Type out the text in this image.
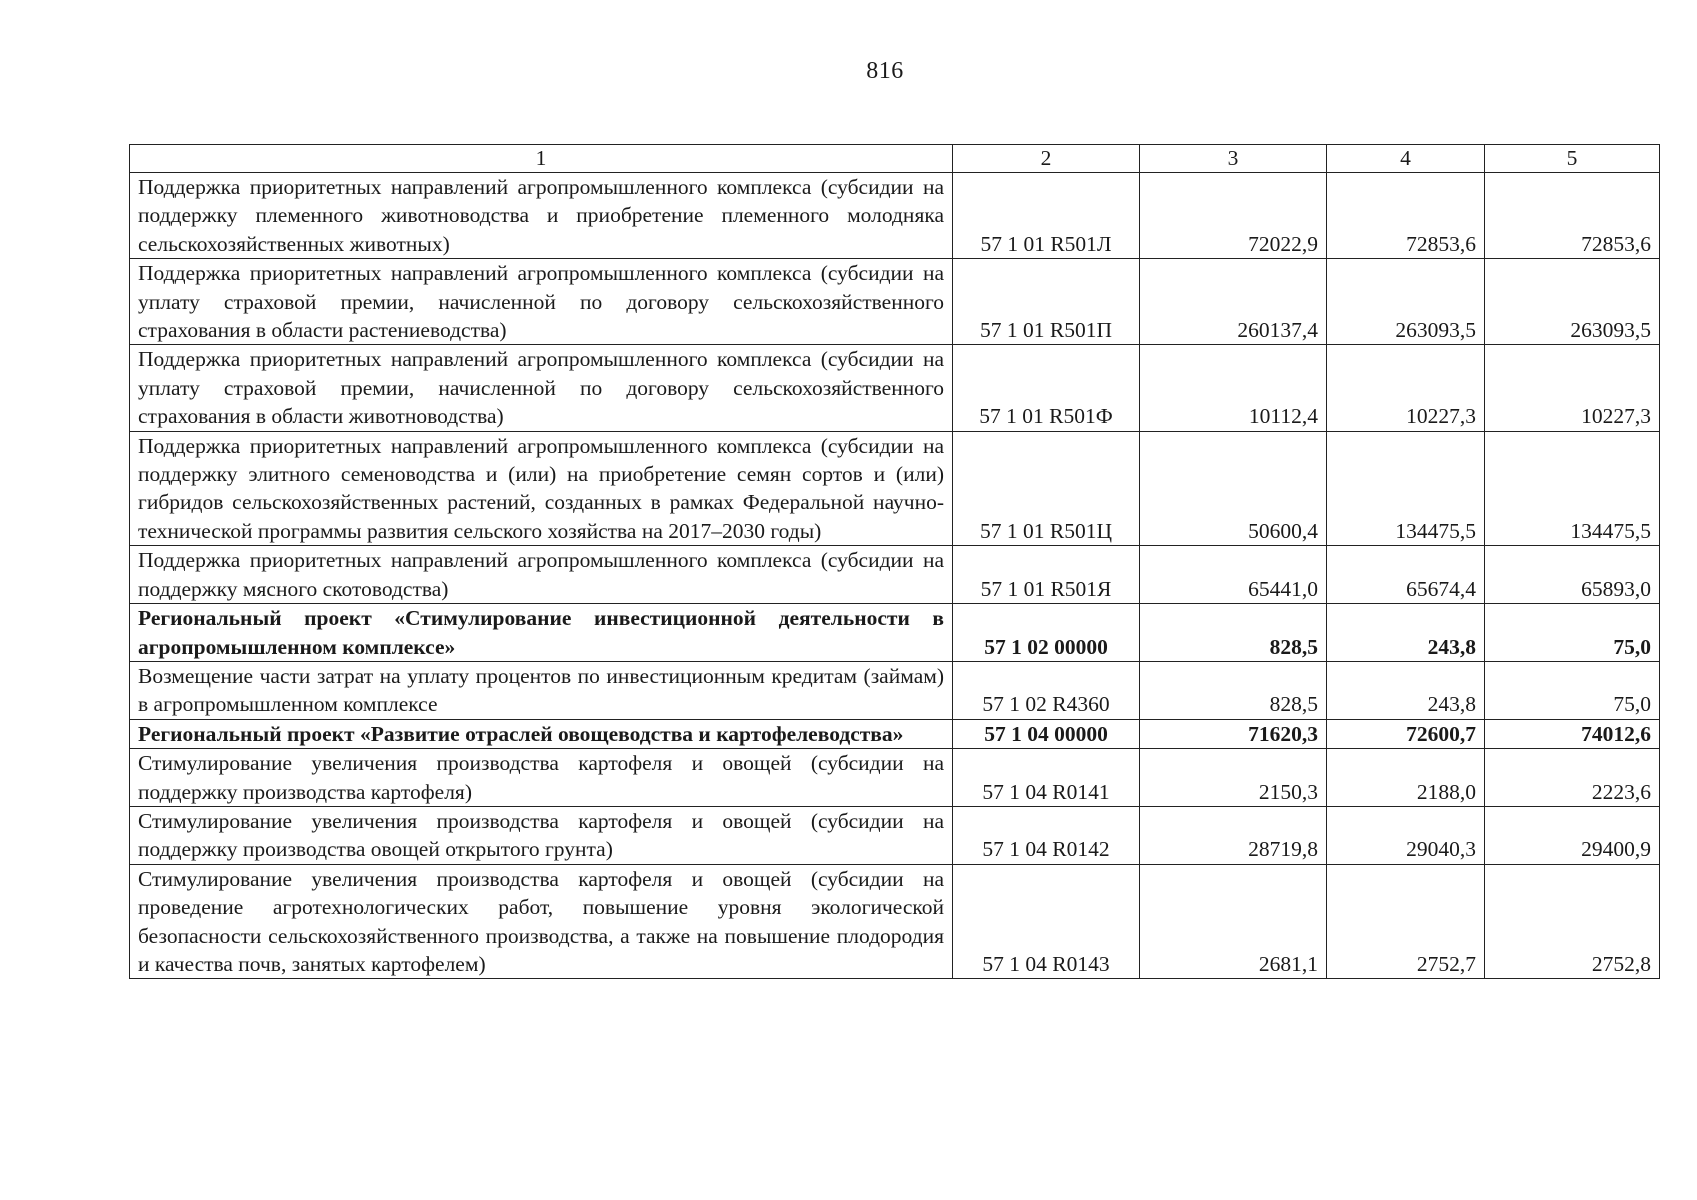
816
1	2	3	4	5
Поддержка приоритетных направлений агропромышленного комплекса (субсидии на поддержку племенного животноводства и приобретение племенного молодняка сельскохозяйственных животных)	57 1 01 R501Л	72022,9	72853,6	72853,6
Поддержка приоритетных направлений агропромышленного комплекса (субсидии на уплату страховой премии, начисленной по договору сельскохозяйственного страхования в области растениеводства)	57 1 01 R501П	260137,4	263093,5	263093,5
Поддержка приоритетных направлений агропромышленного комплекса (субсидии на уплату страховой премии, начисленной по договору сельскохозяйственного страхования в области животноводства)	57 1 01 R501Ф	10112,4	10227,3	10227,3
Поддержка приоритетных направлений агропромышленного комплекса (субсидии на поддержку элитного семеноводства и (или) на приобретение семян сортов и (или) гибридов сельскохозяйственных растений, созданных в рамках Федеральной научно-технической программы развития сельского хозяйства на 2017–2030 годы)	57 1 01 R501Ц	50600,4	134475,5	134475,5
Поддержка приоритетных направлений агропромышленного комплекса (субсидии на поддержку мясного скотоводства)	57 1 01 R501Я	65441,0	65674,4	65893,0
Региональный проект «Стимулирование инвестиционной деятельности в агропромышленном комплексе»	57 1 02 00000	828,5	243,8	75,0
Возмещение части затрат на уплату процентов по инвестиционным кредитам (займам) в агропромышленном комплексе	57 1 02 R4360	828,5	243,8	75,0
Региональный проект «Развитие отраслей овощеводства и картофелеводства»	57 1 04 00000	71620,3	72600,7	74012,6
Стимулирование увеличения производства картофеля и овощей (субсидии на поддержку производства картофеля)	57 1 04 R0141	2150,3	2188,0	2223,6
Стимулирование увеличения производства картофеля и овощей (субсидии на поддержку производства овощей открытого грунта)	57 1 04 R0142	28719,8	29040,3	29400,9
Стимулирование увеличения производства картофеля и овощей (субсидии на проведение агротехнологических работ, повышение уровня экологической безопасности сельскохозяйственного производства, а также на повышение плодородия и качества почв, занятых картофелем)	57 1 04 R0143	2681,1	2752,7	2752,8
